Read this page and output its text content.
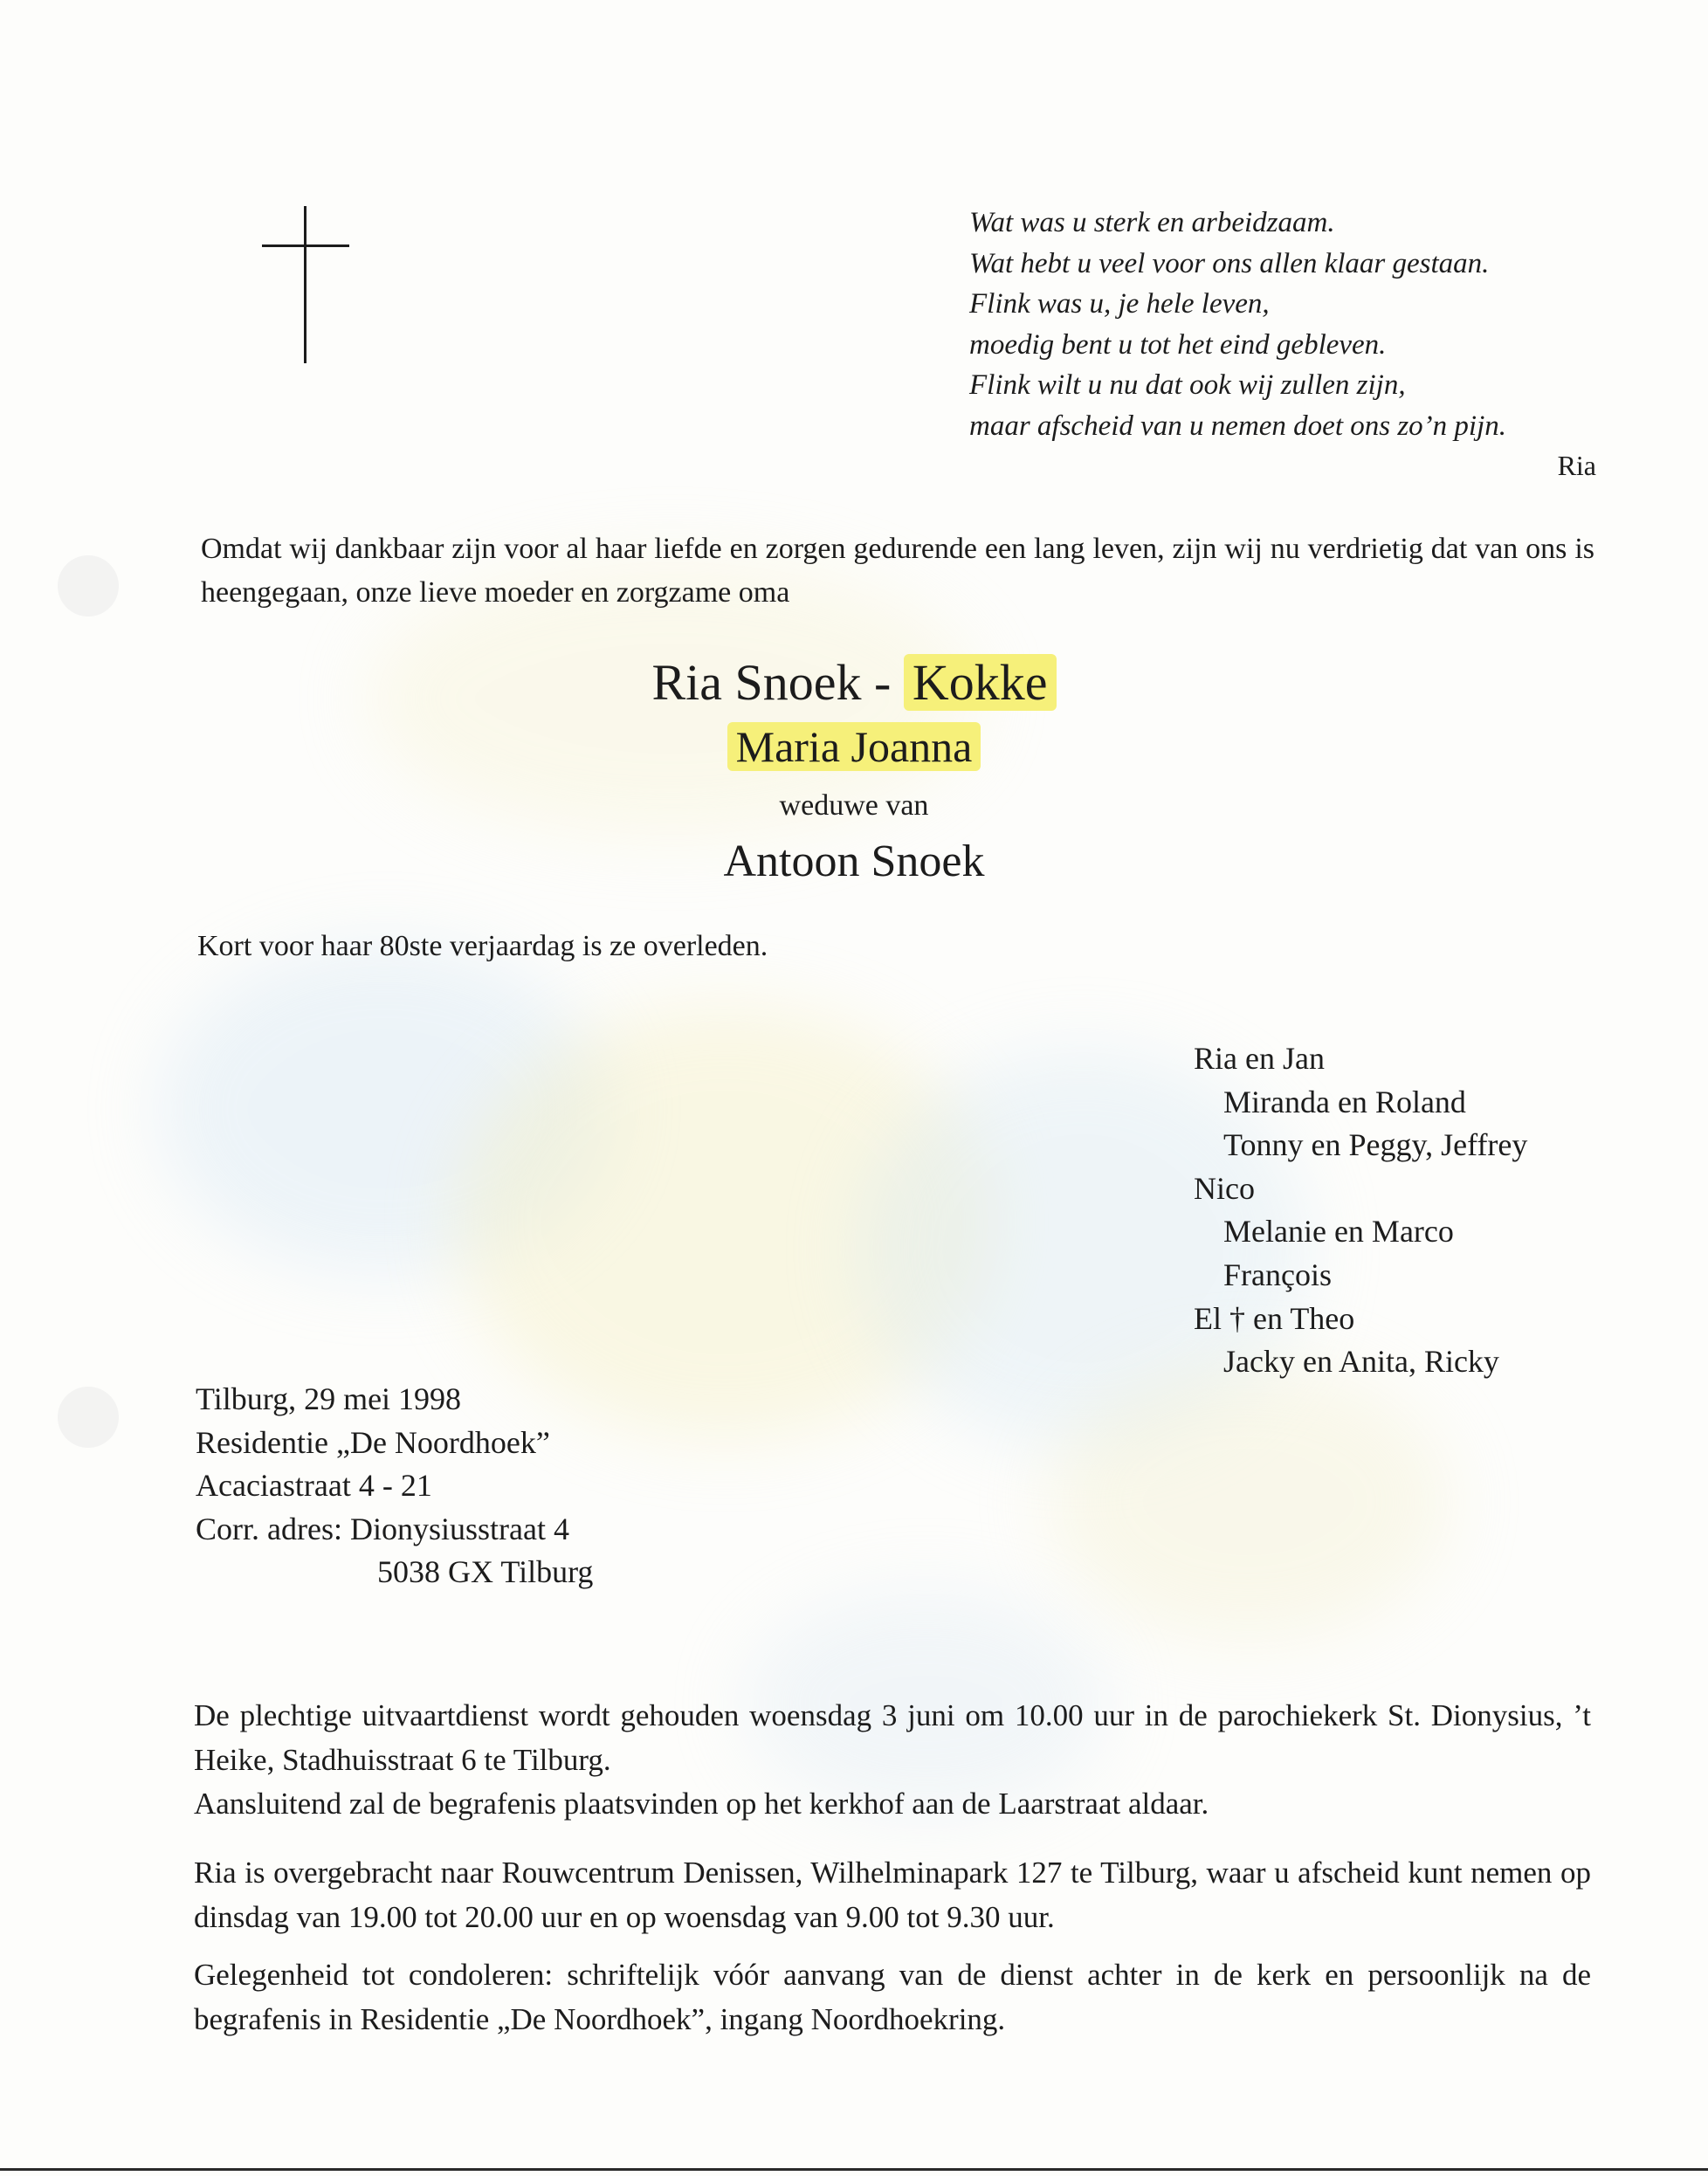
Wat was u sterk en arbeidzaam.
Wat hebt u veel voor ons allen klaar gestaan.
Flink was u, je hele leven,
moedig bent u tot het eind gebleven.
Flink wilt u nu dat ook wij zullen zijn,
maar afscheid van u nemen doet ons zo’n pijn.
Ria
Omdat wij dankbaar zijn voor al haar liefde en zorgen gedurende een lang leven, zijn wij nu verdrietig dat van ons is heengegaan, onze lieve moeder en zorgzame oma
Ria Snoek - Kokke
Maria Joanna
weduwe van
Antoon Snoek
Kort voor haar 80ste verjaardag is ze overleden.
Ria en Jan
Miranda en Roland
Tonny en Peggy, Jeffrey
Nico
Melanie en Marco
François
El † en Theo
Jacky en Anita, Ricky
Tilburg, 29 mei 1998
Residentie „De Noordhoek”
Acaciastraat 4 - 21
Corr. adres: Dionysiusstraat 4
5038 GX Tilburg
De plechtige uitvaartdienst wordt gehouden woensdag 3 juni om 10.00 uur in de parochiekerk St. Dionysius, ’t Heike, Stadhuisstraat 6 te Tilburg.
Aansluitend zal de begrafenis plaatsvinden op het kerkhof aan de Laarstraat aldaar.
Ria is overgebracht naar Rouwcentrum Denissen, Wilhelminapark 127 te Tilburg, waar u afscheid kunt nemen op dinsdag van 19.00 tot 20.00 uur en op woensdag van 9.00 tot 9.30 uur.
Gelegenheid tot condoleren: schriftelijk vóór aanvang van de dienst achter in de kerk en persoonlijk na de begrafenis in Residentie „De Noordhoek”, ingang Noordhoekring.
